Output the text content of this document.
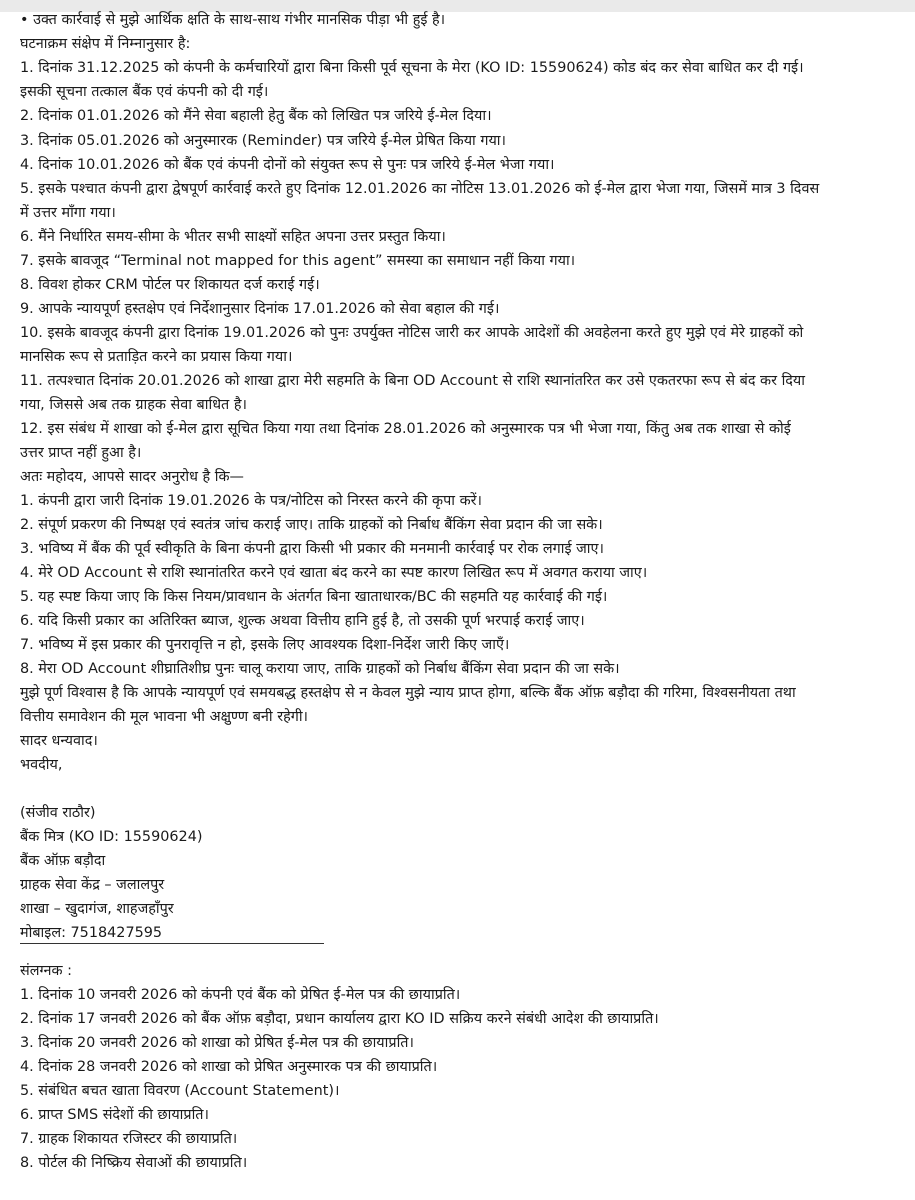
• उक्त कार्रवाई से मुझे आर्थिक क्षति के साथ-साथ गंभीर मानसिक पीड़ा भी हुई है।
घटनाक्रम संक्षेप में निम्नानुसार है:
1. दिनांक 31.12.2025 को कंपनी के कर्मचारियों द्वारा बिना किसी पूर्व सूचना के मेरा (KO ID: 15590624) कोड बंद कर सेवा बाधित कर दी गई।
इसकी सूचना तत्काल बैंक एवं कंपनी को दी गई।
2. दिनांक 01.01.2026 को मैंने सेवा बहाली हेतु बैंक को लिखित पत्र जरिये ई-मेल दिया।
3. दिनांक 05.01.2026 को अनुस्मारक (Reminder) पत्र जरिये ई-मेल प्रेषित किया गया।
4. दिनांक 10.01.2026 को बैंक एवं कंपनी दोनों को संयुक्त रूप से पुनः पत्र जरिये ई-मेल भेजा गया।
5. इसके पश्चात कंपनी द्वारा द्वेषपूर्ण कार्रवाई करते हुए दिनांक 12.01.2026 का नोटिस 13.01.2026 को ई-मेल द्वारा भेजा गया, जिसमें मात्र 3 दिवस
में उत्तर माँगा गया।
6. मैंने निर्धारित समय-सीमा के भीतर सभी साक्ष्यों सहित अपना उत्तर प्रस्तुत किया।
7. इसके बावजूद “Terminal not mapped for this agent” समस्या का समाधान नहीं किया गया।
8. विवश होकर CRM पोर्टल पर शिकायत दर्ज कराई गई।
9. आपके न्यायपूर्ण हस्तक्षेप एवं निर्देशानुसार दिनांक 17.01.2026 को सेवा बहाल की गई।
10. इसके बावजूद कंपनी द्वारा दिनांक 19.01.2026 को पुनः उपर्युक्त नोटिस जारी कर आपके आदेशों की अवहेलना करते हुए मुझे एवं मेरे ग्राहकों को
मानसिक रूप से प्रताड़ित करने का प्रयास किया गया।
11. तत्पश्चात दिनांक 20.01.2026 को शाखा द्वारा मेरी सहमति के बिना OD Account से राशि स्थानांतरित कर उसे एकतरफा रूप से बंद कर दिया
गया, जिससे अब तक ग्राहक सेवा बाधित है।
12. इस संबंध में शाखा को ई-मेल द्वारा सूचित किया गया तथा दिनांक 28.01.2026 को अनुस्मारक पत्र भी भेजा गया, किंतु अब तक शाखा से कोई
उत्तर प्राप्त नहीं हुआ है।
अतः महोदय, आपसे सादर अनुरोध है कि—
1. कंपनी द्वारा जारी दिनांक 19.01.2026 के पत्र/नोटिस को निरस्त करने की कृपा करें।
2. संपूर्ण प्रकरण की निष्पक्ष एवं स्वतंत्र जांच कराई जाए। ताकि ग्राहकों को निर्बाध बैंकिंग सेवा प्रदान की जा सके।
3. भविष्य में बैंक की पूर्व स्वीकृति के बिना कंपनी द्वारा किसी भी प्रकार की मनमानी कार्रवाई पर रोक लगाई जाए।
4. मेरे OD Account से राशि स्थानांतरित करने एवं खाता बंद करने का स्पष्ट कारण लिखित रूप में अवगत कराया जाए।
5. यह स्पष्ट किया जाए कि किस नियम/प्रावधान के अंतर्गत बिना खाताधारक/BC की सहमति यह कार्रवाई की गई।
6. यदि किसी प्रकार का अतिरिक्त ब्याज, शुल्क अथवा वित्तीय हानि हुई है, तो उसकी पूर्ण भरपाई कराई जाए।
7. भविष्य में इस प्रकार की पुनरावृत्ति न हो, इसके लिए आवश्यक दिशा-निर्देश जारी किए जाएँ।
8. मेरा OD Account शीघ्रातिशीघ्र पुनः चालू कराया जाए, ताकि ग्राहकों को निर्बाध बैंकिंग सेवा प्रदान की जा सके।
मुझे पूर्ण विश्वास है कि आपके न्यायपूर्ण एवं समयबद्ध हस्तक्षेप से न केवल मुझे न्याय प्राप्त होगा, बल्कि बैंक ऑफ़ बड़ौदा की गरिमा, विश्वसनीयता तथा
वित्तीय समावेशन की मूल भावना भी अक्षुण्ण बनी रहेगी।
सादर धन्यवाद।
भवदीय,
(संजीव राठौर)
बैंक मित्र (KO ID: 15590624)
बैंक ऑफ़ बड़ौदा
ग्राहक सेवा केंद्र – जलालपुर
शाखा – खुदागंज, शाहजहाँपुर
मोबाइल: 7518427595
संलग्नक :
1. दिनांक 10 जनवरी 2026 को कंपनी एवं बैंक को प्रेषित ई-मेल पत्र की छायाप्रति।
2. दिनांक 17 जनवरी 2026 को बैंक ऑफ़ बड़ौदा, प्रधान कार्यालय द्वारा KO ID सक्रिय करने संबंधी आदेश की छायाप्रति।
3. दिनांक 20 जनवरी 2026 को शाखा को प्रेषित ई-मेल पत्र की छायाप्रति।
4. दिनांक 28 जनवरी 2026 को शाखा को प्रेषित अनुस्मारक पत्र की छायाप्रति।
5. संबंधित बचत खाता विवरण (Account Statement)।
6. प्राप्त SMS संदेशों की छायाप्रति।
7. ग्राहक शिकायत रजिस्टर की छायाप्रति।
8. पोर्टल की निष्क्रिय सेवाओं की छायाप्रति।
